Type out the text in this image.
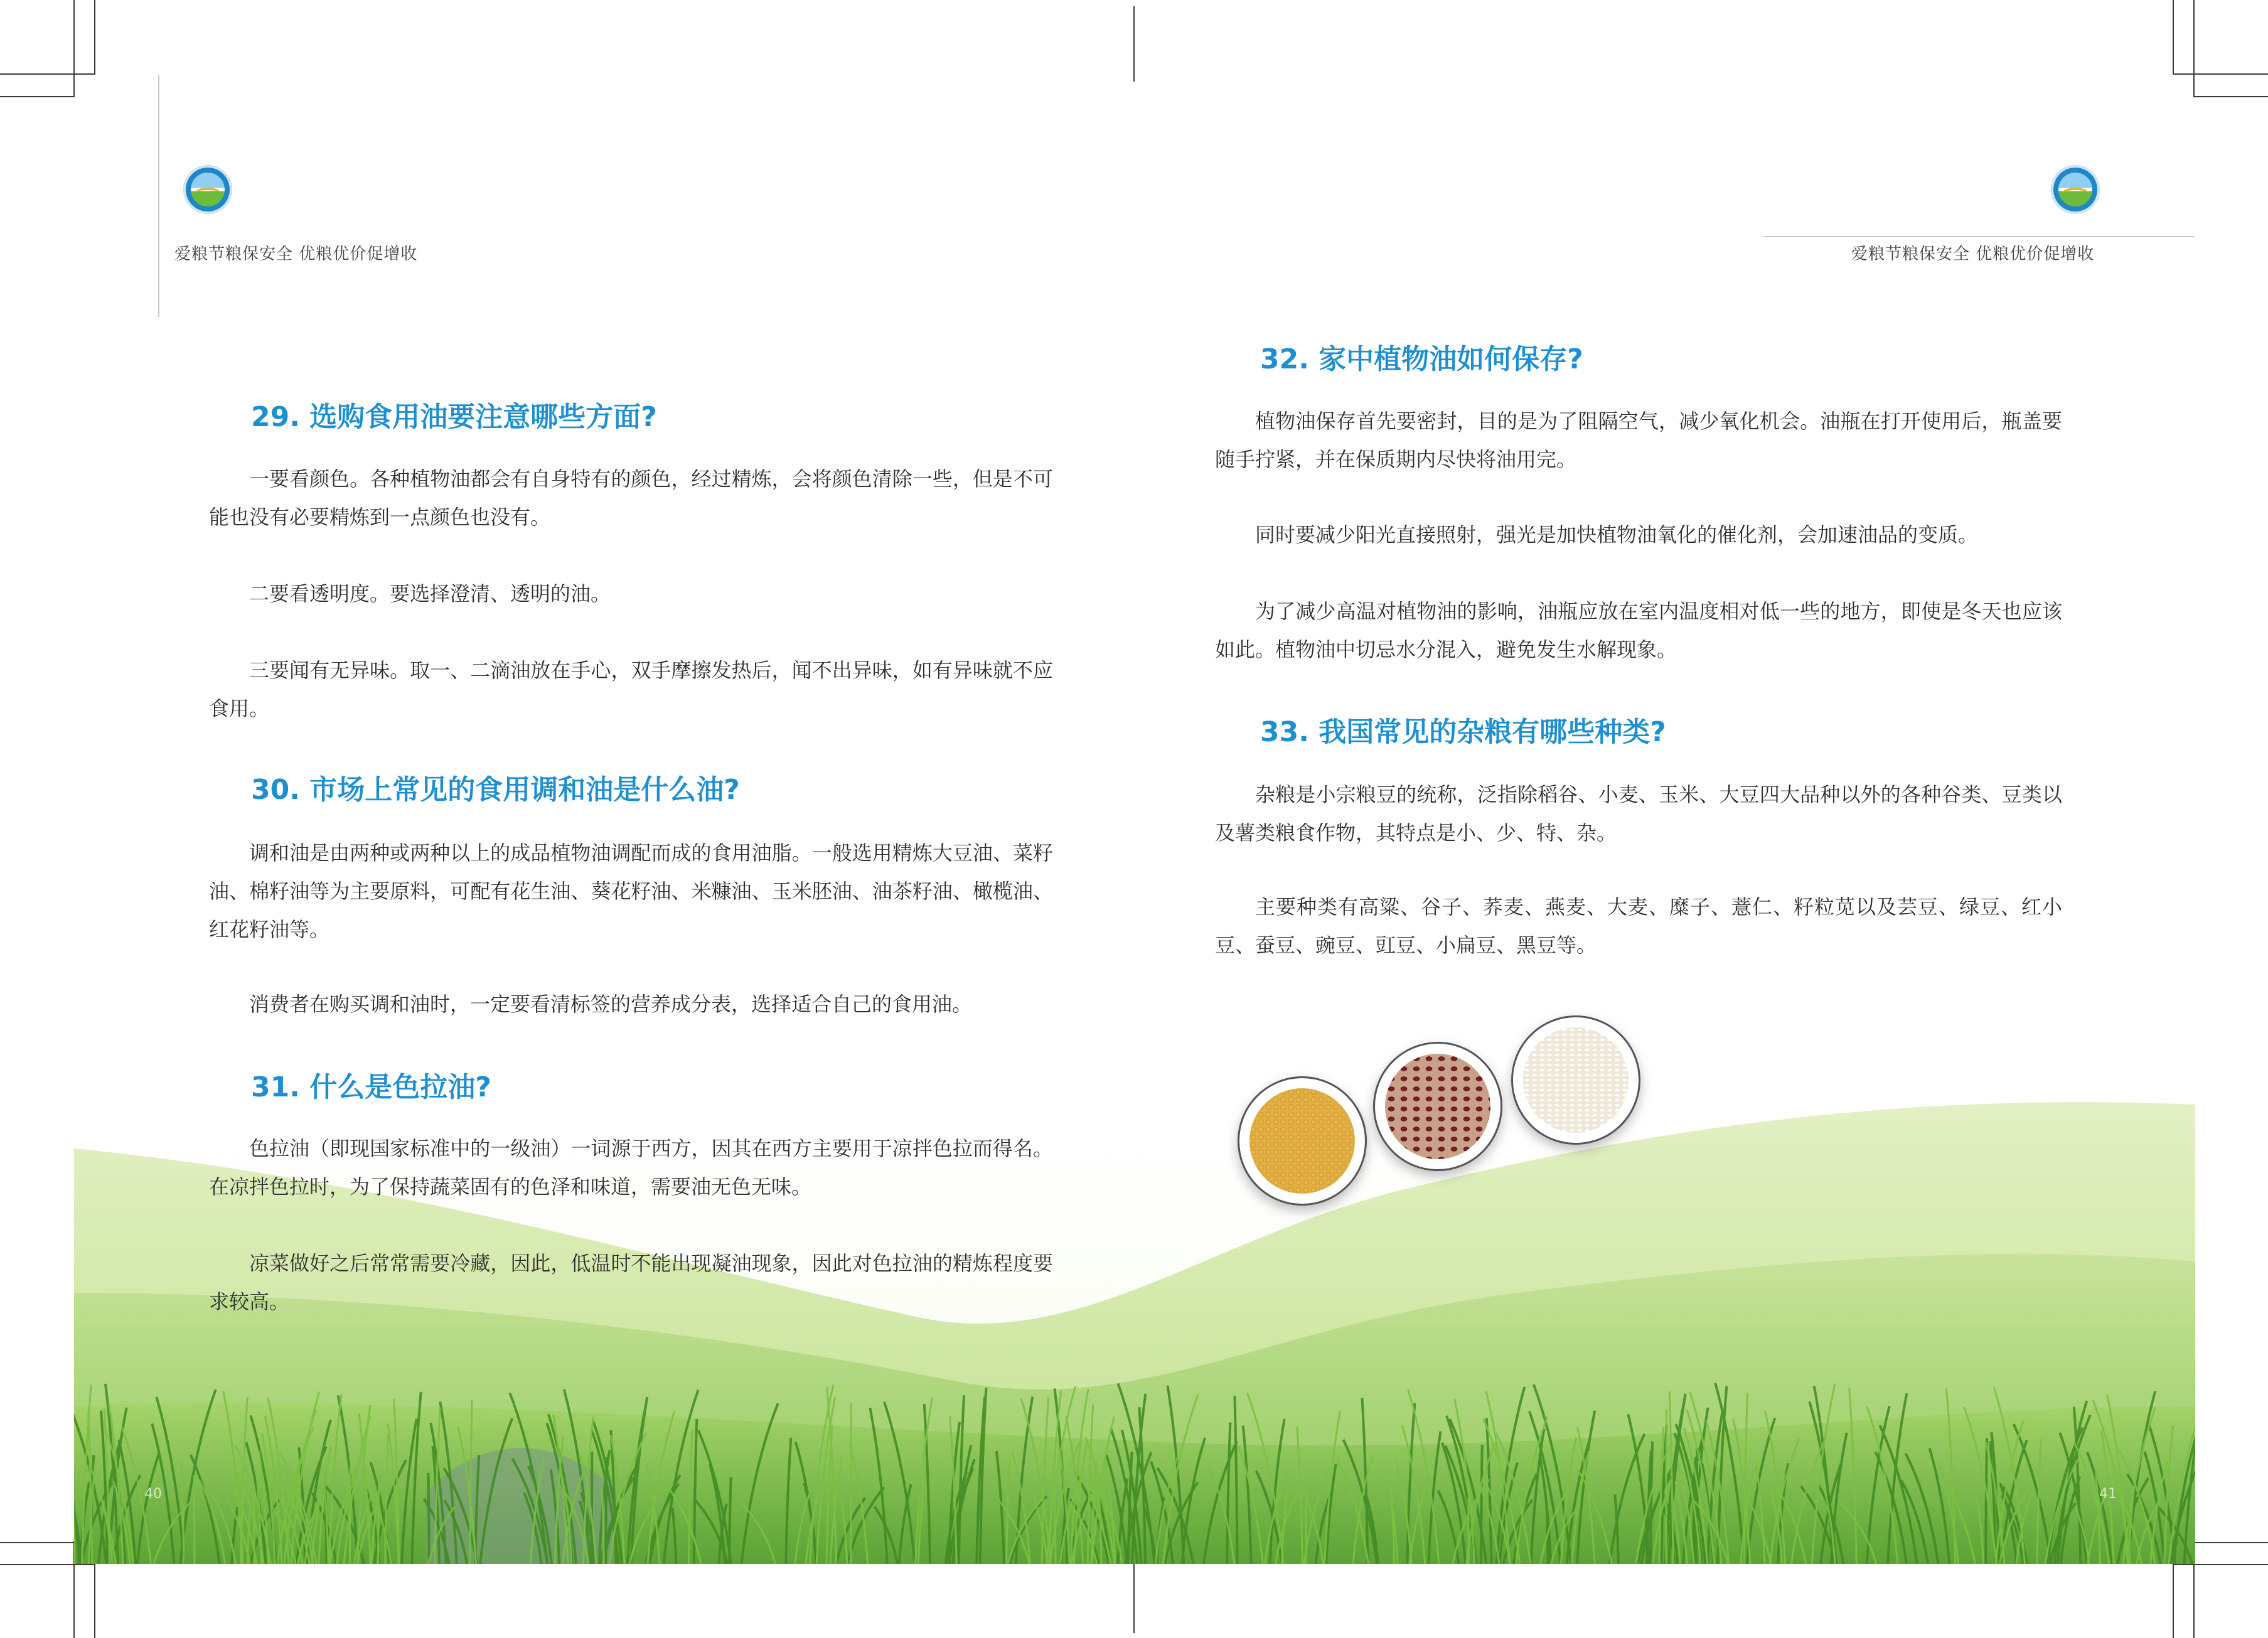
爱粮节粮保安全 优粮优价促增收	爱粮节粮保安全 优粮优价促增收
29. 选购食用油要注意哪些方面?
一要看颜色。各种植物油都会有自身特有的颜色，经过精炼，会将颜色清除一些，但是不可能也没有必要精炼到一点颜色也没有。
二要看透明度。要选择澄清、透明的油。
三要闻有无异味。取一、二滴油放在手心，双手摩擦发热后，闻不出异味，如有异味就不应食用。
30. 市场上常见的食用调和油是什么油?
调和油是由两种或两种以上的成品植物油调配而成的食用油脂。一般选用精炼大豆油、菜籽油、棉籽油等为主要原料，可配有花生油、葵花籽油、米糠油、玉米胚油、油茶籽油、橄榄油、红花籽油等。
消费者在购买调和油时，一定要看清标签的营养成分表，选择适合自己的食用油。
31. 什么是色拉油?
色拉油（即现国家标准中的一级油）一词源于西方，因其在西方主要用于凉拌色拉而得名。在凉拌色拉时，为了保持蔬菜固有的色泽和味道，需要油无色无味。
凉菜做好之后常常需要冷藏，因此，低温时不能出现凝油现象，因此对色拉油的精炼程度要求较高。
40
32. 家中植物油如何保存?
植物油保存首先要密封，目的是为了阻隔空气，减少氧化机会。油瓶在打开使用后，瓶盖要随手拧紧，并在保质期内尽快将油用完。
同时要减少阳光直接照射，强光是加快植物油氧化的催化剂，会加速油品的变质。
为了减少高温对植物油的影响，油瓶应放在室内温度相对低一些的地方，即使是冬天也应该如此。植物油中切忌水分混入，避免发生水解现象。
33. 我国常见的杂粮有哪些种类?
杂粮是小宗粮豆的统称，泛指除稻谷、小麦、玉米、大豆四大品种以外的各种谷类、豆类以及薯类粮食作物，其特点是小、少、特、杂。
主要种类有高粱、谷子、荞麦、燕麦、大麦、糜子、薏仁、籽粒苋以及芸豆、绿豆、红小豆、蚕豆、豌豆、豇豆、小扁豆、黑豆等。
41
